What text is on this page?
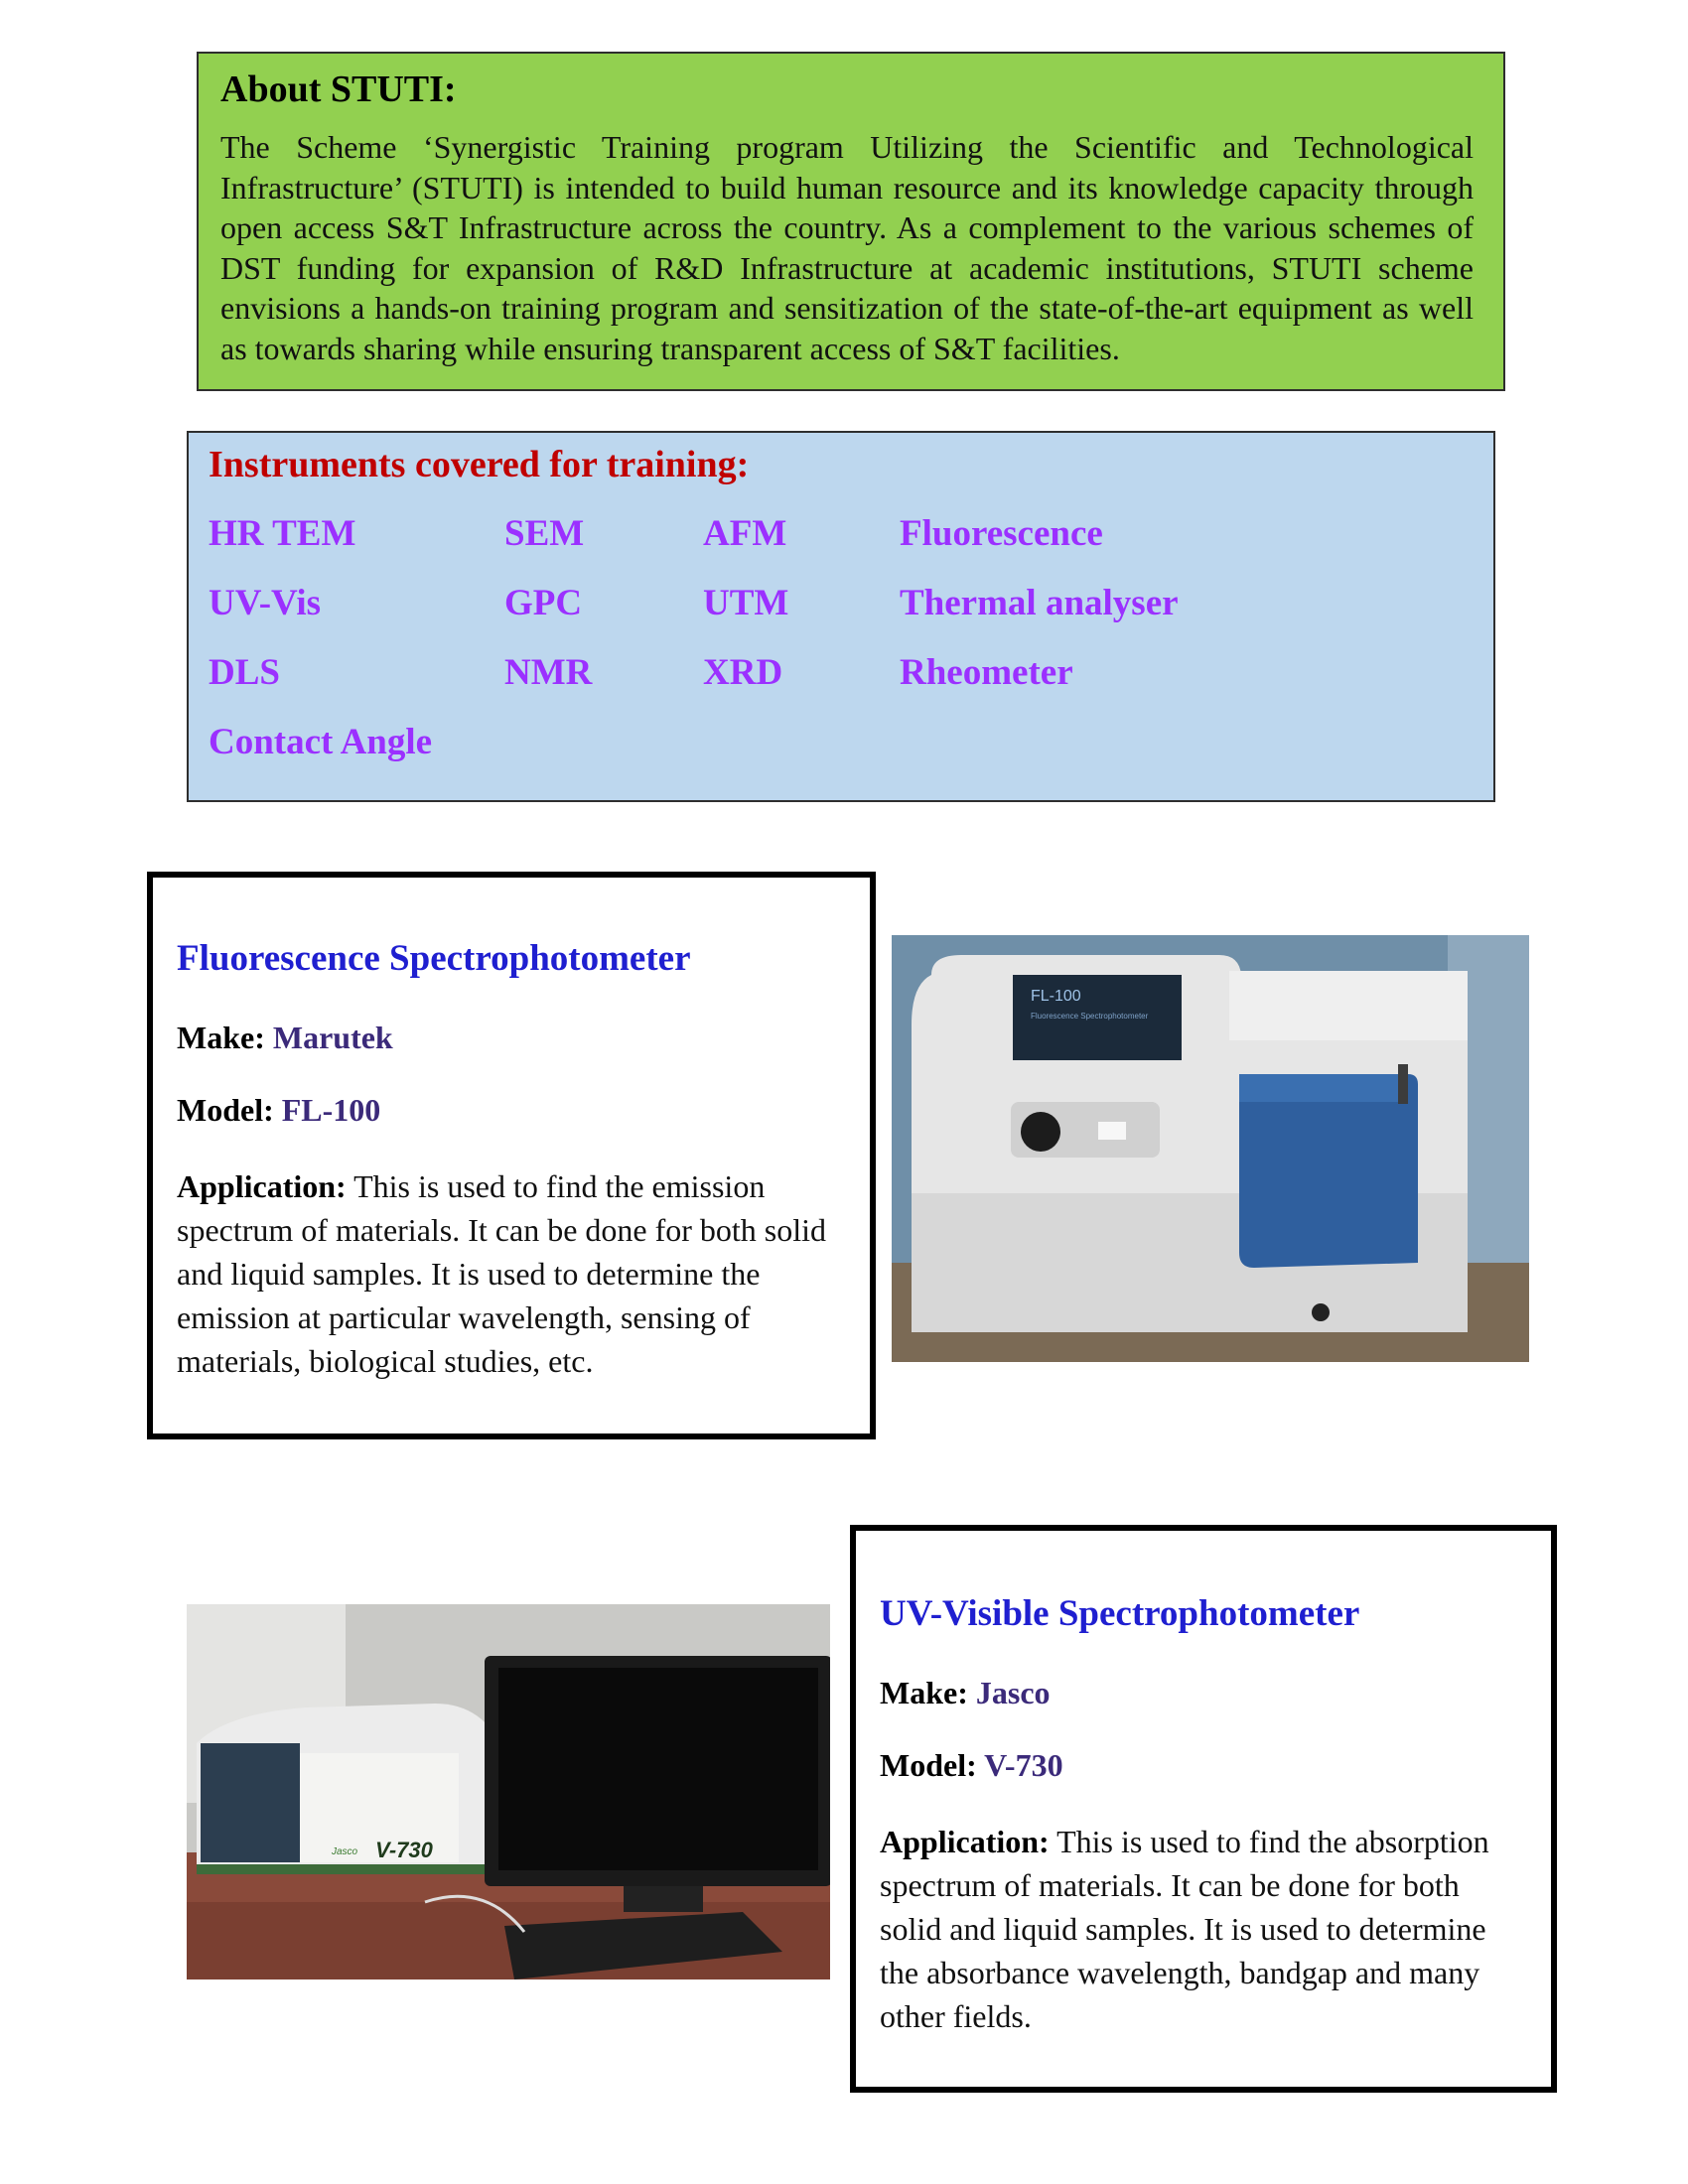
About STUTI:

The Scheme ‘Synergistic Training program Utilizing the Scientific and Technological Infrastructure’ (STUTI) is intended to build human resource and its knowledge capacity through open access S&T Infrastructure across the country. As a complement to the various schemes of DST funding for expansion of R&D Infrastructure at academic institutions, STUTI scheme envisions a hands-on training program and sensitization of the state-of-the-art equipment as well as towards sharing while ensuring transparent access of S&T facilities.

Instruments covered for training:
HR TEM	SEM	AFM	Fluorescence
UV-Vis	GPC	UTM	Thermal analyser
DLS	NMR	XRD	Rheometer
Contact Angle
Fluorescence Spectrophotometer

Make: Marutek

Model: FL-100

Application: This is used to find the emission spectrum of materials. It can be done for both solid and liquid samples. It is used to determine the emission at particular wavelength, sensing of materials, biological studies, etc.

FL-100
Fluorescence Spectrophotometer
UV-Visible Spectrophotometer

Make: Jasco

Model: V-730

Application: This is used to find the absorption spectrum of materials. It can be done for both solid and liquid samples. It is used to determine the absorbance wavelength, bandgap and many other fields.

V-730
Jasco
